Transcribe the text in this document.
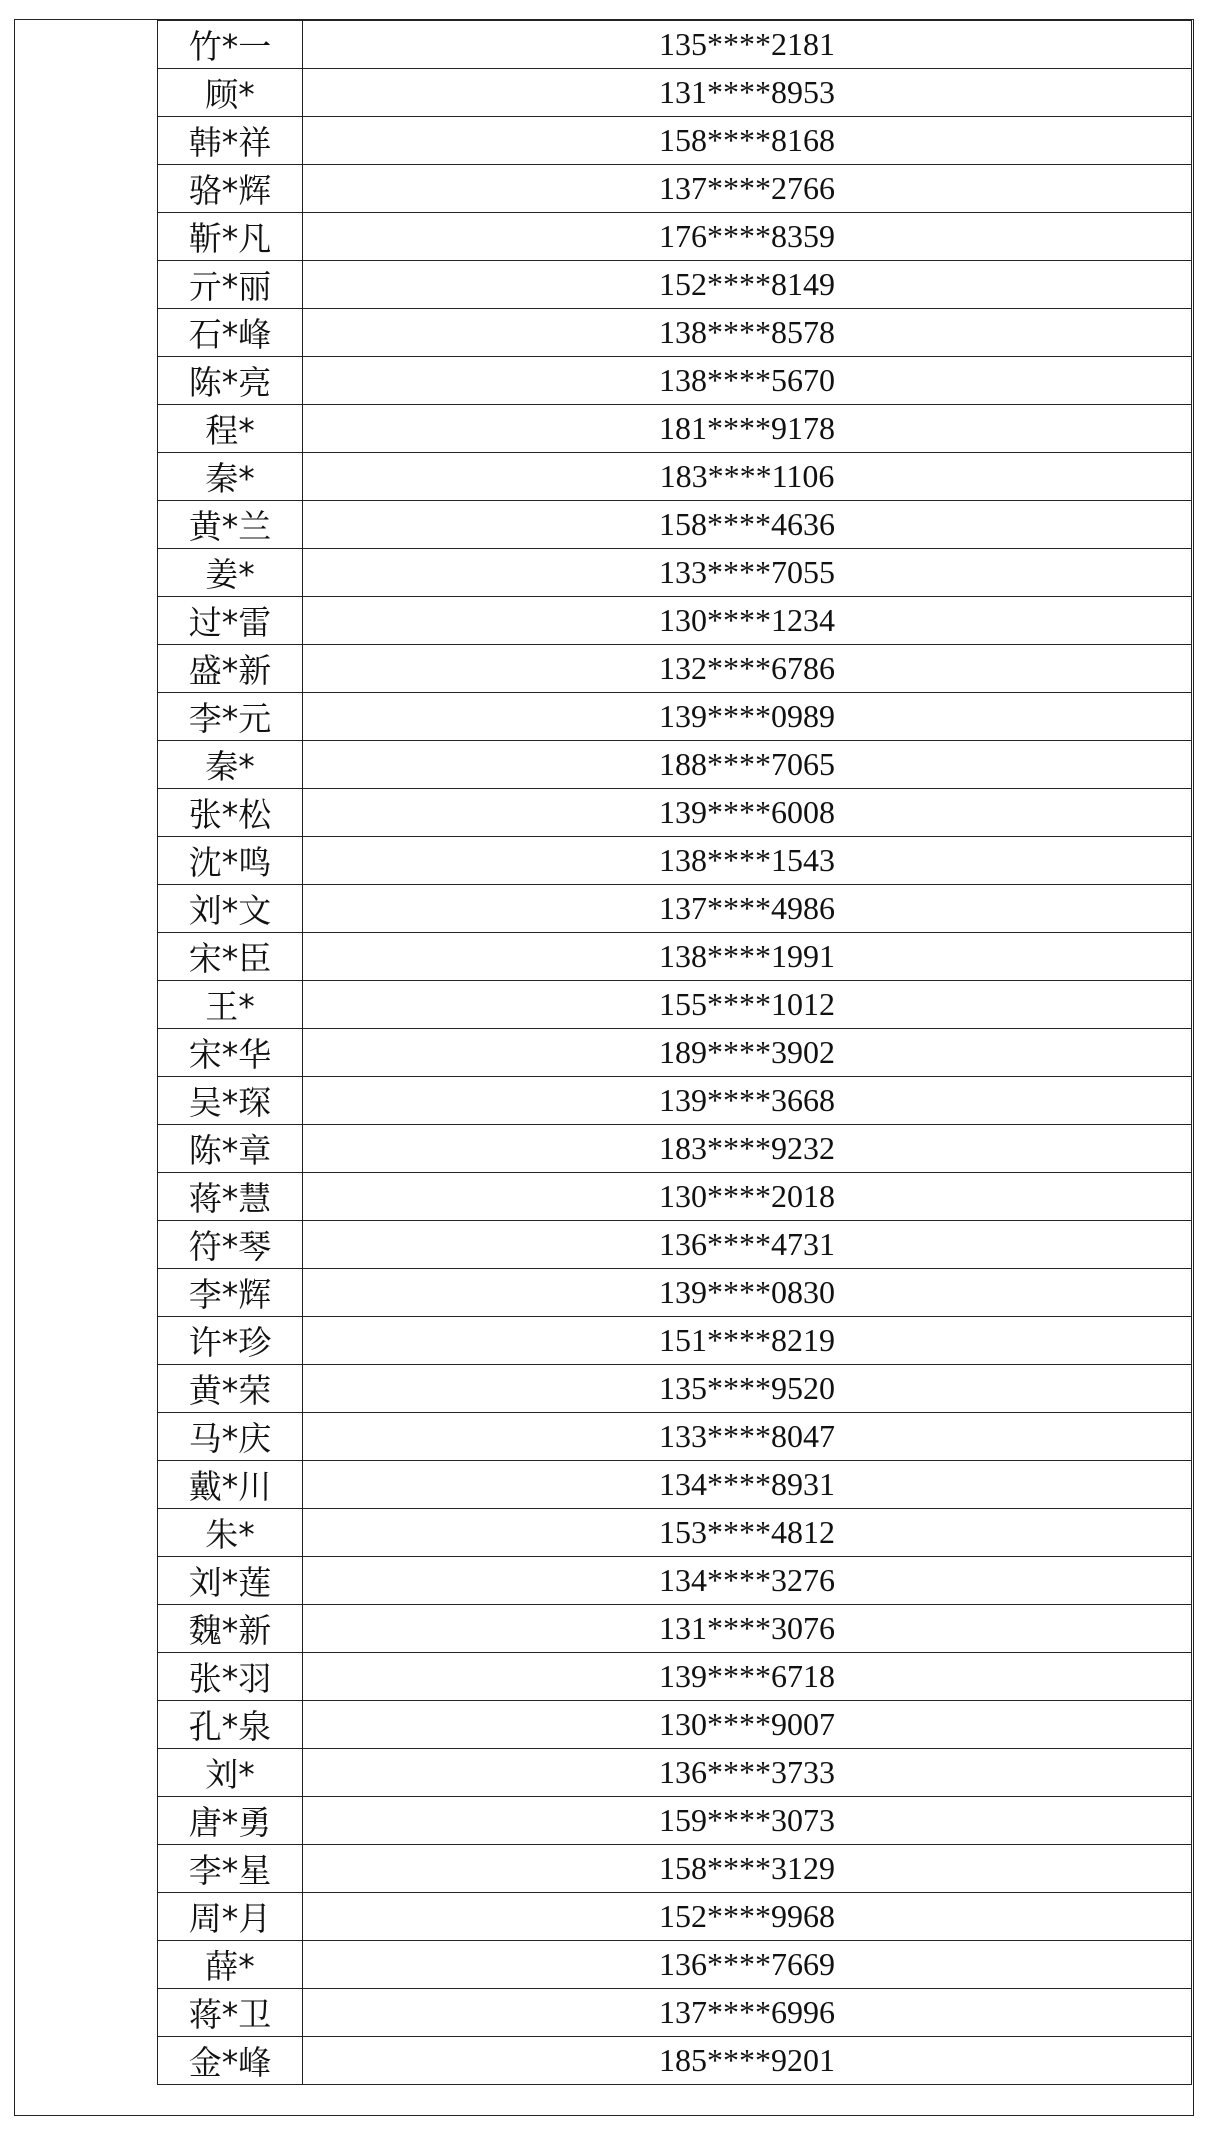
竹*一	135****2181
顾*	131****8953
韩*祥	158****8168
骆*辉	137****2766
靳*凡	176****8359
亓*丽	152****8149
石*峰	138****8578
陈*亮	138****5670
程*	181****9178
秦*	183****1106
黄*兰	158****4636
姜*	133****7055
过*雷	130****1234
盛*新	132****6786
李*元	139****0989
秦*	188****7065
张*松	139****6008
沈*鸣	138****1543
刘*文	137****4986
宋*臣	138****1991
王*	155****1012
宋*华	189****3902
吴*琛	139****3668
陈*章	183****9232
蒋*慧	130****2018
符*琴	136****4731
李*辉	139****0830
许*珍	151****8219
黄*荣	135****9520
马*庆	133****8047
戴*川	134****8931
朱*	153****4812
刘*莲	134****3276
魏*新	131****3076
张*羽	139****6718
孔*泉	130****9007
刘*	136****3733
唐*勇	159****3073
李*星	158****3129
周*月	152****9968
薛*	136****7669
蒋*卫	137****6996
金*峰	185****9201
